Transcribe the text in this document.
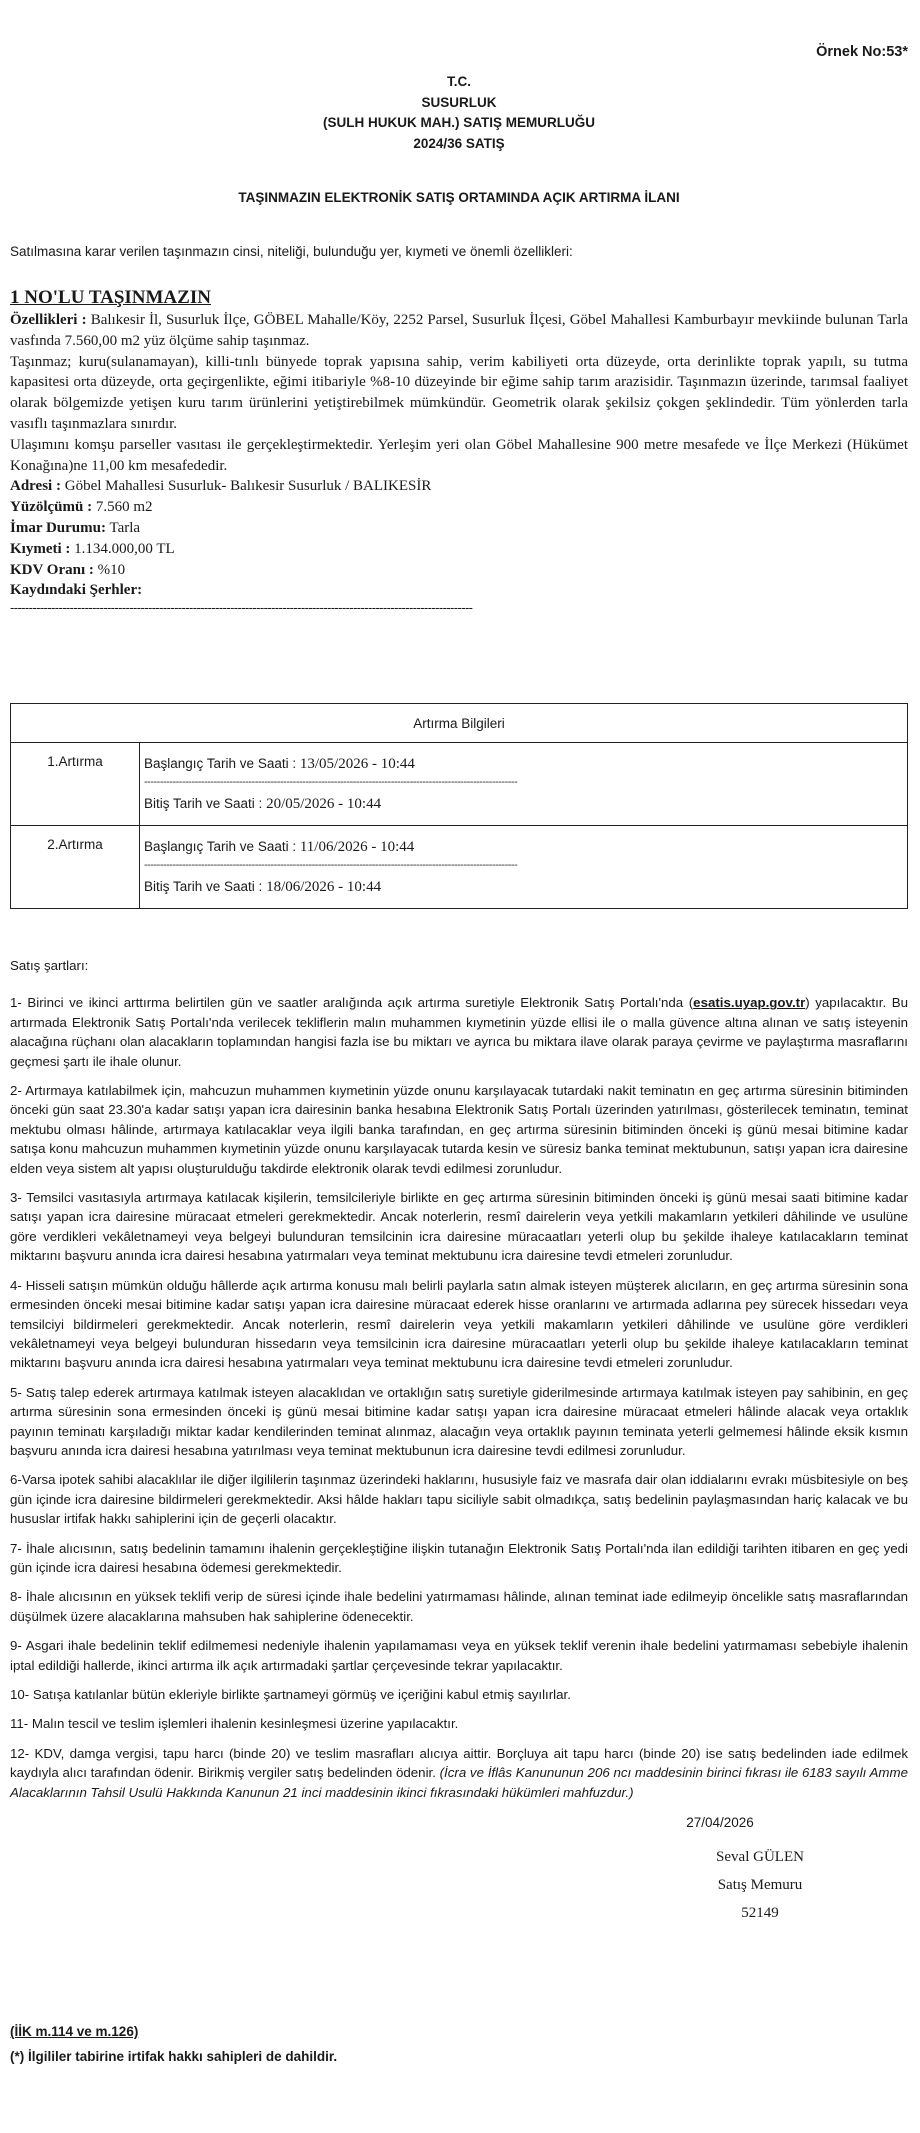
Örnek No:53*
T.C.
SUSURLUK
(SULH HUKUK MAH.) SATIŞ MEMURLUĞU
2024/36 SATIŞ
TAŞINMAZIN ELEKTRONİK SATIŞ ORTAMINDA AÇIK ARTIRMA İLANI
Satılmasına karar verilen taşınmazın cinsi, niteliği, bulunduğu yer, kıymeti ve önemli özellikleri:
1 NO'LU TAŞINMAZIN

Özellikleri : Balıkesir İl, Susurluk İlçe, GÖBEL Mahalle/Köy, 2252 Parsel, Susurluk İlçesi, Göbel Mahallesi Kamburbayır mevkiinde bulunan Tarla vasfında 7.560,00 m2 yüz ölçüme sahip taşınmaz.

Taşınmaz; kuru(sulanamayan), killi-tınlı bünyede toprak yapısına sahip, verim kabiliyeti orta düzeyde, orta derinlikte toprak yapılı, su tutma kapasitesi orta düzeyde, orta geçirgenlikte, eğimi itibariyle %8-10 düzeyinde bir eğime sahip tarım arazisidir. Taşınmazın üzerinde, tarımsal faaliyet olarak bölgemizde yetişen kuru tarım ürünlerini yetiştirebilmek mümkündür. Geometrik olarak şekilsiz çokgen şeklindedir. Tüm yönlerden tarla vasıflı taşınmazlara sınırdır.

Ulaşımını komşu parseller vasıtası ile gerçekleştirmektedir. Yerleşim yeri olan Göbel Mahallesine 900 metre mesafede ve İlçe Merkezi (Hükümet Konağına)ne 11,00 km mesafededir.

Adresi : Göbel Mahallesi Susurluk- Balıkesir Susurluk / BALIKESİR

Yüzölçümü : 7.560 m2

İmar Durumu: Tarla

Kıymeti : 1.134.000,00 TL

KDV Oranı : %10

Kaydındaki Şerhler:

----------------------------------------------------------------------------------------------------------------------------
Artırma Bilgileri	
1.Artırma	Başlangıç Tarih ve Saati : 13/05/2026 - 10:44
----------------------------------------------------------------------------------------------------------------------
Bitiş Tarih ve Saati : 20/05/2026 - 10:44

2.Artırma	Başlangıç Tarih ve Saati : 11/06/2026 - 10:44
----------------------------------------------------------------------------------------------------------------------
Bitiş Tarih ve Saati : 18/06/2026 - 10:44

Satış şartları:

1- Birinci ve ikinci arttırma belirtilen gün ve saatler aralığında açık artırma suretiyle Elektronik Satış Portalı'nda (esatis.uyap.gov.tr) yapılacaktır. Bu artırmada Elektronik Satış Portalı'nda verilecek tekliflerin malın muhammen kıymetinin yüzde ellisi ile o malla güvence altına alınan ve satış isteyenin alacağına rüçhanı olan alacakların toplamından hangisi fazla ise bu miktarı ve ayrıca bu miktara ilave olarak paraya çevirme ve paylaştırma masraflarını geçmesi şartı ile ihale olunur.

2- Artırmaya katılabilmek için, mahcuzun muhammen kıymetinin yüzde onunu karşılayacak tutardaki nakit teminatın en geç artırma süresinin bitiminden önceki gün saat 23.30'a kadar satışı yapan icra dairesinin banka hesabına Elektronik Satış Portalı üzerinden yatırılması, gösterilecek teminatın, teminat mektubu olması hâlinde, artırmaya katılacaklar veya ilgili banka tarafından, en geç artırma süresinin bitiminden önceki iş günü mesai bitimine kadar satışa konu mahcuzun muhammen kıymetinin yüzde onunu karşılayacak tutarda kesin ve süresiz banka teminat mektubunun, satışı yapan icra dairesine elden veya sistem alt yapısı oluşturulduğu takdirde elektronik olarak tevdi edilmesi zorunludur.

3- Temsilci vasıtasıyla artırmaya katılacak kişilerin, temsilcileriyle birlikte en geç artırma süresinin bitiminden önceki iş günü mesai saati bitimine kadar satışı yapan icra dairesine müracaat etmeleri gerekmektedir. Ancak noterlerin, resmî dairelerin veya yetkili makamların yetkileri dâhilinde ve usulüne göre verdikleri vekâletnameyi veya belgeyi bulunduran temsilcinin icra dairesine müracaatları yeterli olup bu şekilde ihaleye katılacakların teminat miktarını başvuru anında icra dairesi hesabına yatırmaları veya teminat mektubunu icra dairesine tevdi etmeleri zorunludur.

4- Hisseli satışın mümkün olduğu hâllerde açık artırma konusu malı belirli paylarla satın almak isteyen müşterek alıcıların, en geç artırma süresinin sona ermesinden önceki mesai bitimine kadar satışı yapan icra dairesine müracaat ederek hisse oranlarını ve artırmada adlarına pey sürecek hissedarı veya temsilciyi bildirmeleri gerekmektedir. Ancak noterlerin, resmî dairelerin veya yetkili makamların yetkileri dâhilinde ve usulüne göre verdikleri vekâletnameyi veya belgeyi bulunduran hissedarın veya temsilcinin icra dairesine müracaatları yeterli olup bu şekilde ihaleye katılacakların teminat miktarını başvuru anında icra dairesi hesabına yatırmaları veya teminat mektubunu icra dairesine tevdi etmeleri zorunludur.

5- Satış talep ederek artırmaya katılmak isteyen alacaklıdan ve ortaklığın satış suretiyle giderilmesinde artırmaya katılmak isteyen pay sahibinin, en geç artırma süresinin sona ermesinden önceki iş günü mesai bitimine kadar satışı yapan icra dairesine müracaat etmeleri hâlinde alacak veya ortaklık payının teminatı karşıladığı miktar kadar kendilerinden teminat alınmaz, alacağın veya ortaklık payının teminata yeterli gelmemesi hâlinde eksik kısmın başvuru anında icra dairesi hesabına yatırılması veya teminat mektubunun icra dairesine tevdi edilmesi zorunludur.

6-Varsa ipotek sahibi alacaklılar ile diğer ilgililerin taşınmaz üzerindeki haklarını, hususiyle faiz ve masrafa dair olan iddialarını evrakı müsbitesiyle on beş gün içinde icra dairesine bildirmeleri gerekmektedir. Aksi hâlde hakları tapu siciliyle sabit olmadıkça, satış bedelinin paylaşmasından hariç kalacak ve bu hususlar irtifak hakkı sahiplerini için de geçerli olacaktır.

7- İhale alıcısının, satış bedelinin tamamını ihalenin gerçekleştiğine ilişkin tutanağın Elektronik Satış Portalı'nda ilan edildiği tarihten itibaren en geç yedi gün içinde icra dairesi hesabına ödemesi gerekmektedir.

8- İhale alıcısının en yüksek teklifi verip de süresi içinde ihale bedelini yatırmaması hâlinde, alınan teminat iade edilmeyip öncelikle satış masraflarından düşülmek üzere alacaklarına mahsuben hak sahiplerine ödenecektir.

9- Asgari ihale bedelinin teklif edilmemesi nedeniyle ihalenin yapılamaması veya en yüksek teklif verenin ihale bedelini yatırmaması sebebiyle ihalenin iptal edildiği hallerde, ikinci artırma ilk açık artırmadaki şartlar çerçevesinde tekrar yapılacaktır.

10- Satışa katılanlar bütün ekleriyle birlikte şartnameyi görmüş ve içeriğini kabul etmiş sayılırlar.

11- Malın tescil ve teslim işlemleri ihalenin kesinleşmesi üzerine yapılacaktır.

12- KDV, damga vergisi, tapu harcı (binde 20) ve teslim masrafları alıcıya aittir. Borçluya ait tapu harcı (binde 20) ise satış bedelinden iade edilmek kaydıyla alıcı tarafından ödenir. Birikmiş vergiler satış bedelinden ödenir. (İcra ve İflâs Kanununun 206 ncı maddesinin birinci fıkrası ile 6183 sayılı Amme Alacaklarının Tahsil Usulü Hakkında Kanunun 21 inci maddesinin ikinci fıkrasındaki hükümleri mahfuzdur.)

27/04/2026
Seval GÜLEN
Satış Memuru
52149
(İİK m.114 ve m.126)
(*) İlgililer tabirine irtifak hakkı sahipleri de dahildir.
